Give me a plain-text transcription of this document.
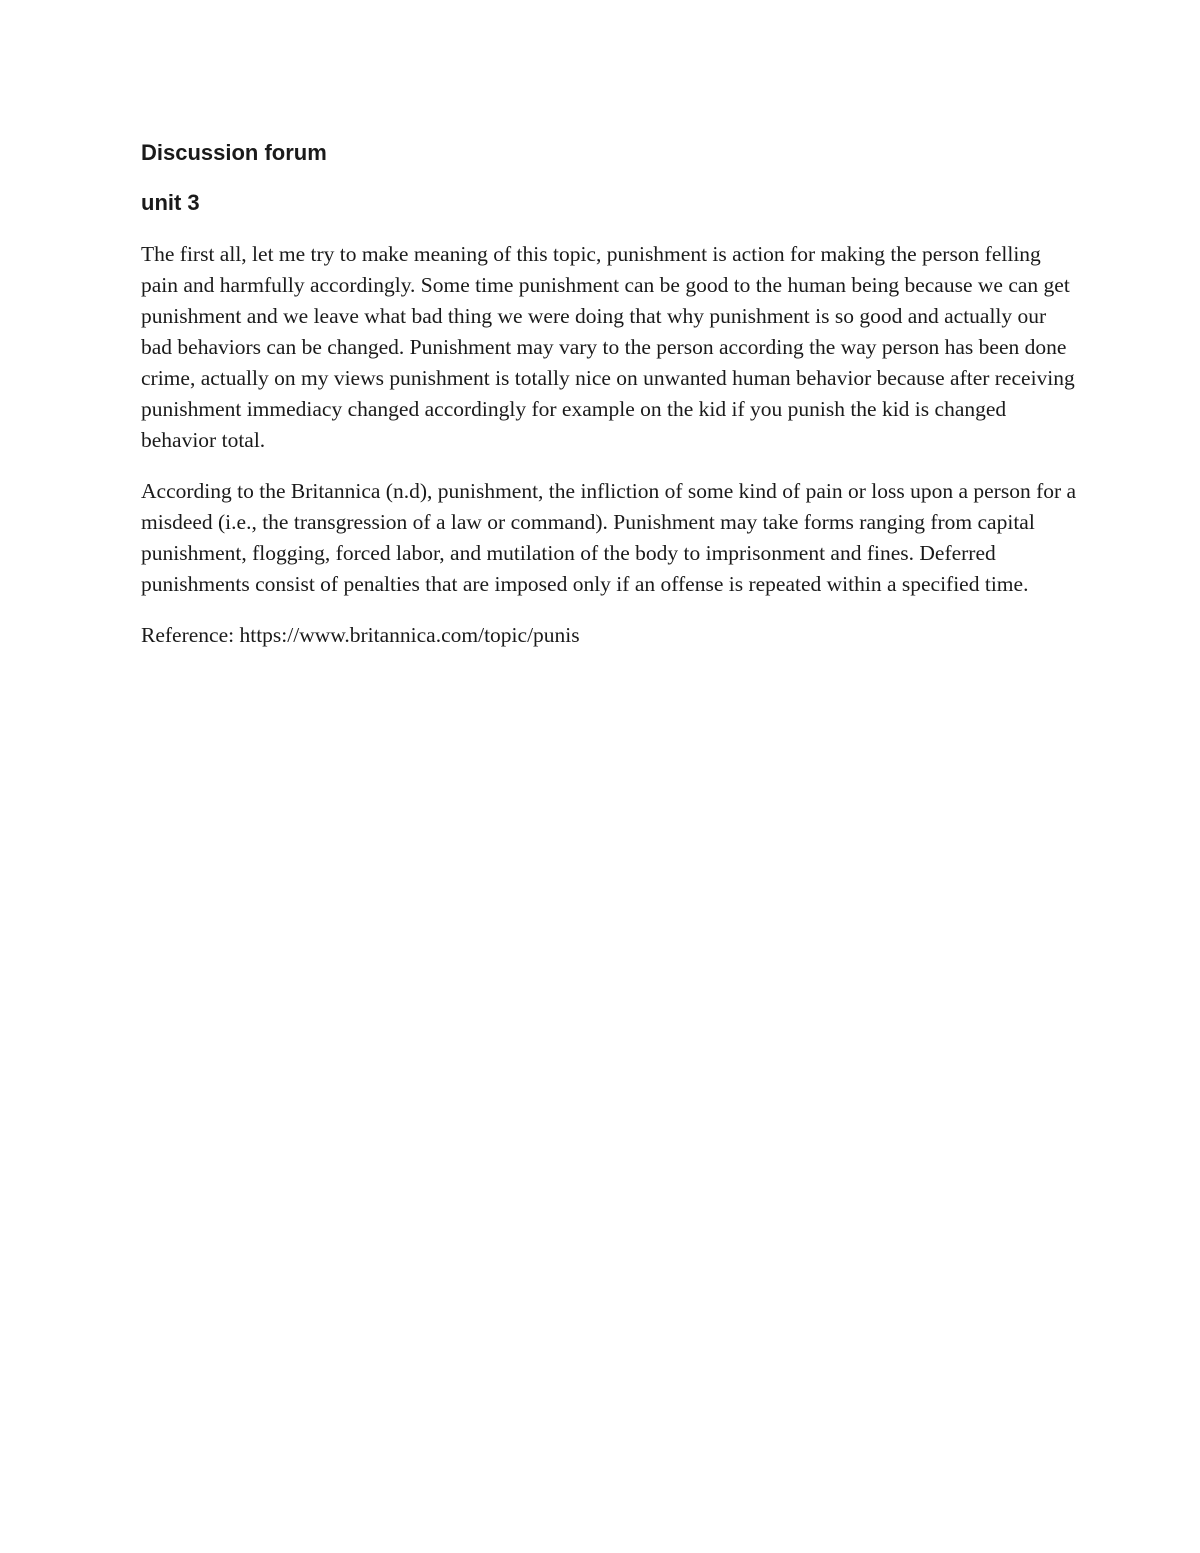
Discussion forum
unit 3

The first all, let me try to make meaning of this topic, punishment is action for making the person felling pain and harmfully accordingly. Some time punishment can be good to the human being because we can get punishment and we leave what bad thing we were doing that why punishment is so good and actually our bad behaviors can be changed. Punishment may vary to the person according the way person has been done crime, actually on my views punishment is totally nice on unwanted human behavior because after receiving punishment immediacy changed accordingly for example on the kid if you punish the kid is changed behavior total.

According to the Britannica (n.d), punishment, the infliction of some kind of pain or loss upon a person for a misdeed (i.e., the transgression of a law or command). Punishment may take forms ranging from capital punishment, flogging, forced labor, and mutilation of the body to imprisonment and fines. Deferred punishments consist of penalties that are imposed only if an offense is repeated within a specified time.

Reference: https://www.britannica.com/topic/punis
